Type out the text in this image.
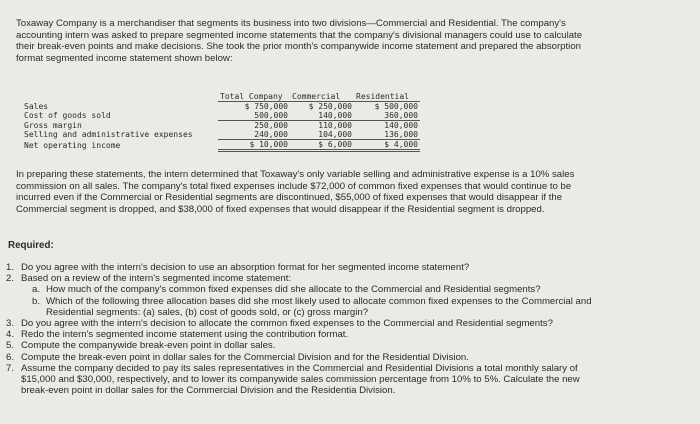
Toxaway Company is a merchandiser that segments its business into two divisions—Commercial and Residential. The company's
accounting intern was asked to prepare segmented income statements that the company's divisional managers could use to calculate
their break-even points and make decisions. She took the prior month's companywide income statement and prepared the absorption
format segmented income statement shown below:
	Total Company	Commercial	Residential
Sales	$ 750,000	$ 250,000	$ 500,000
Cost of goods sold	500,000	140,000	360,000
Gross margin	250,000	110,000	140,000
Selling and administrative expenses	240,000	104,000	136,000
Net operating income	$ 10,000	$ 6,000	$ 4,000
In preparing these statements, the intern determined that Toxaway's only variable selling and administrative expense is a 10% sales
commission on all sales. The company's total fixed expenses include $72,000 of common fixed expenses that would continue to be
incurred even if the Commercial or Residential segments are discontinued, $55,000 of fixed expenses that would disappear if the
Commercial segment is dropped, and $38,000 of fixed expenses that would disappear if the Residential segment is dropped.
Required:
1. Do you agree with the intern's decision to use an absorption format for her segmented income statement?
2. Based on a review of the intern's segmented income statement:
a. How much of the company's common fixed expenses did she allocate to the Commercial and Residential segments?
b. Which of the following three allocation bases did she most likely used to allocate common fixed expenses to the Commercial and
Residential segments: (a) sales, (b) cost of goods sold, or (c) gross margin?
3. Do you agree with the intern's decision to allocate the common fixed expenses to the Commercial and Residential segments?
4. Redo the intern's segmented income statement using the contribution format.
5. Compute the companywide break-even point in dollar sales.
6. Compute the break-even point in dollar sales for the Commercial Division and for the Residential Division.
7. Assume the company decided to pay its sales representatives in the Commercial and Residential Divisions a total monthly salary of
$15,000 and $30,000, respectively, and to lower its companywide sales commission percentage from 10% to 5%. Calculate the new
break-even point in dollar sales for the Commercial Division and the Residentia Division.
